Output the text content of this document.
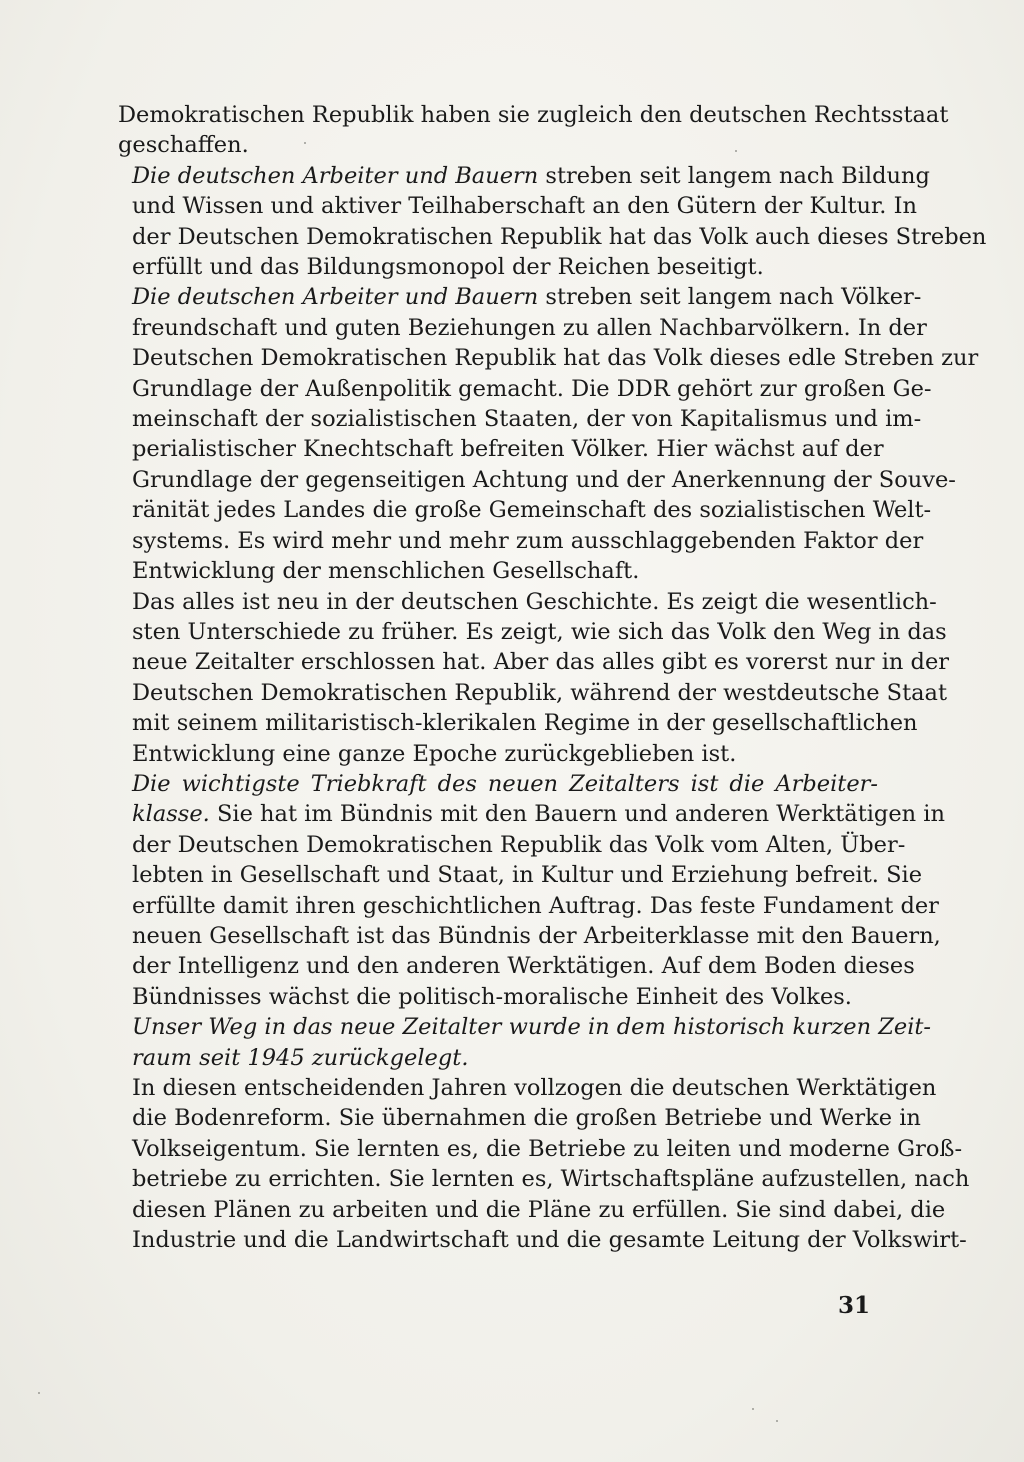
Demokratischen Republik haben sie zugleich den deutschen Rechtsstaat
geschaffen.

Die deutschen Arbeiter und Bauern streben seit langem nach Bildung
und Wissen und aktiver Teilhaberschaft an den Gütern der Kultur. In
der Deutschen Demokratischen Republik hat das Volk auch dieses Streben
erfüllt und das Bildungsmonopol der Reichen beseitigt.

Die deutschen Arbeiter und Bauern streben seit langem nach Völker-
freundschaft und guten Beziehungen zu allen Nachbarvölkern. In der
Deutschen Demokratischen Republik hat das Volk dieses edle Streben zur
Grundlage der Außenpolitik gemacht. Die DDR gehört zur großen Ge-
meinschaft der sozialistischen Staaten, der von Kapitalismus und im-
perialistischer Knechtschaft befreiten Völker. Hier wächst auf der
Grundlage der gegenseitigen Achtung und der Anerkennung der Souve-
ränität jedes Landes die große Gemeinschaft des sozialistischen Welt-
systems. Es wird mehr und mehr zum ausschlaggebenden Faktor der
Entwicklung der menschlichen Gesellschaft.

Das alles ist neu in der deutschen Geschichte. Es zeigt die wesentlich-
sten Unterschiede zu früher. Es zeigt, wie sich das Volk den Weg in das
neue Zeitalter erschlossen hat. Aber das alles gibt es vorerst nur in der
Deutschen Demokratischen Republik, während der westdeutsche Staat
mit seinem militaristisch-klerikalen Regime in der gesellschaftlichen
Entwicklung eine ganze Epoche zurückgeblieben ist.

Die wichtigste Triebkraft des neuen Zeitalters ist die Arbeiter-
klasse. Sie hat im Bündnis mit den Bauern und anderen Werktätigen in
der Deutschen Demokratischen Republik das Volk vom Alten, Über-
lebten in Gesellschaft und Staat, in Kultur und Erziehung befreit. Sie
erfüllte damit ihren geschichtlichen Auftrag. Das feste Fundament der
neuen Gesellschaft ist das Bündnis der Arbeiterklasse mit den Bauern,
der Intelligenz und den anderen Werktätigen. Auf dem Boden dieses
Bündnisses wächst die politisch-moralische Einheit des Volkes.

Unser Weg in das neue Zeitalter wurde in dem historisch kurzen Zeit-
raum seit 1945 zurückgelegt.

In diesen entscheidenden Jahren vollzogen die deutschen Werktätigen
die Bodenreform. Sie übernahmen die großen Betriebe und Werke in
Volkseigentum. Sie lernten es, die Betriebe zu leiten und moderne Groß-
betriebe zu errichten. Sie lernten es, Wirtschaftspläne aufzustellen, nach
diesen Plänen zu arbeiten und die Pläne zu erfüllen. Sie sind dabei, die
Industrie und die Landwirtschaft und die gesamte Leitung der Volkswirt-

31
